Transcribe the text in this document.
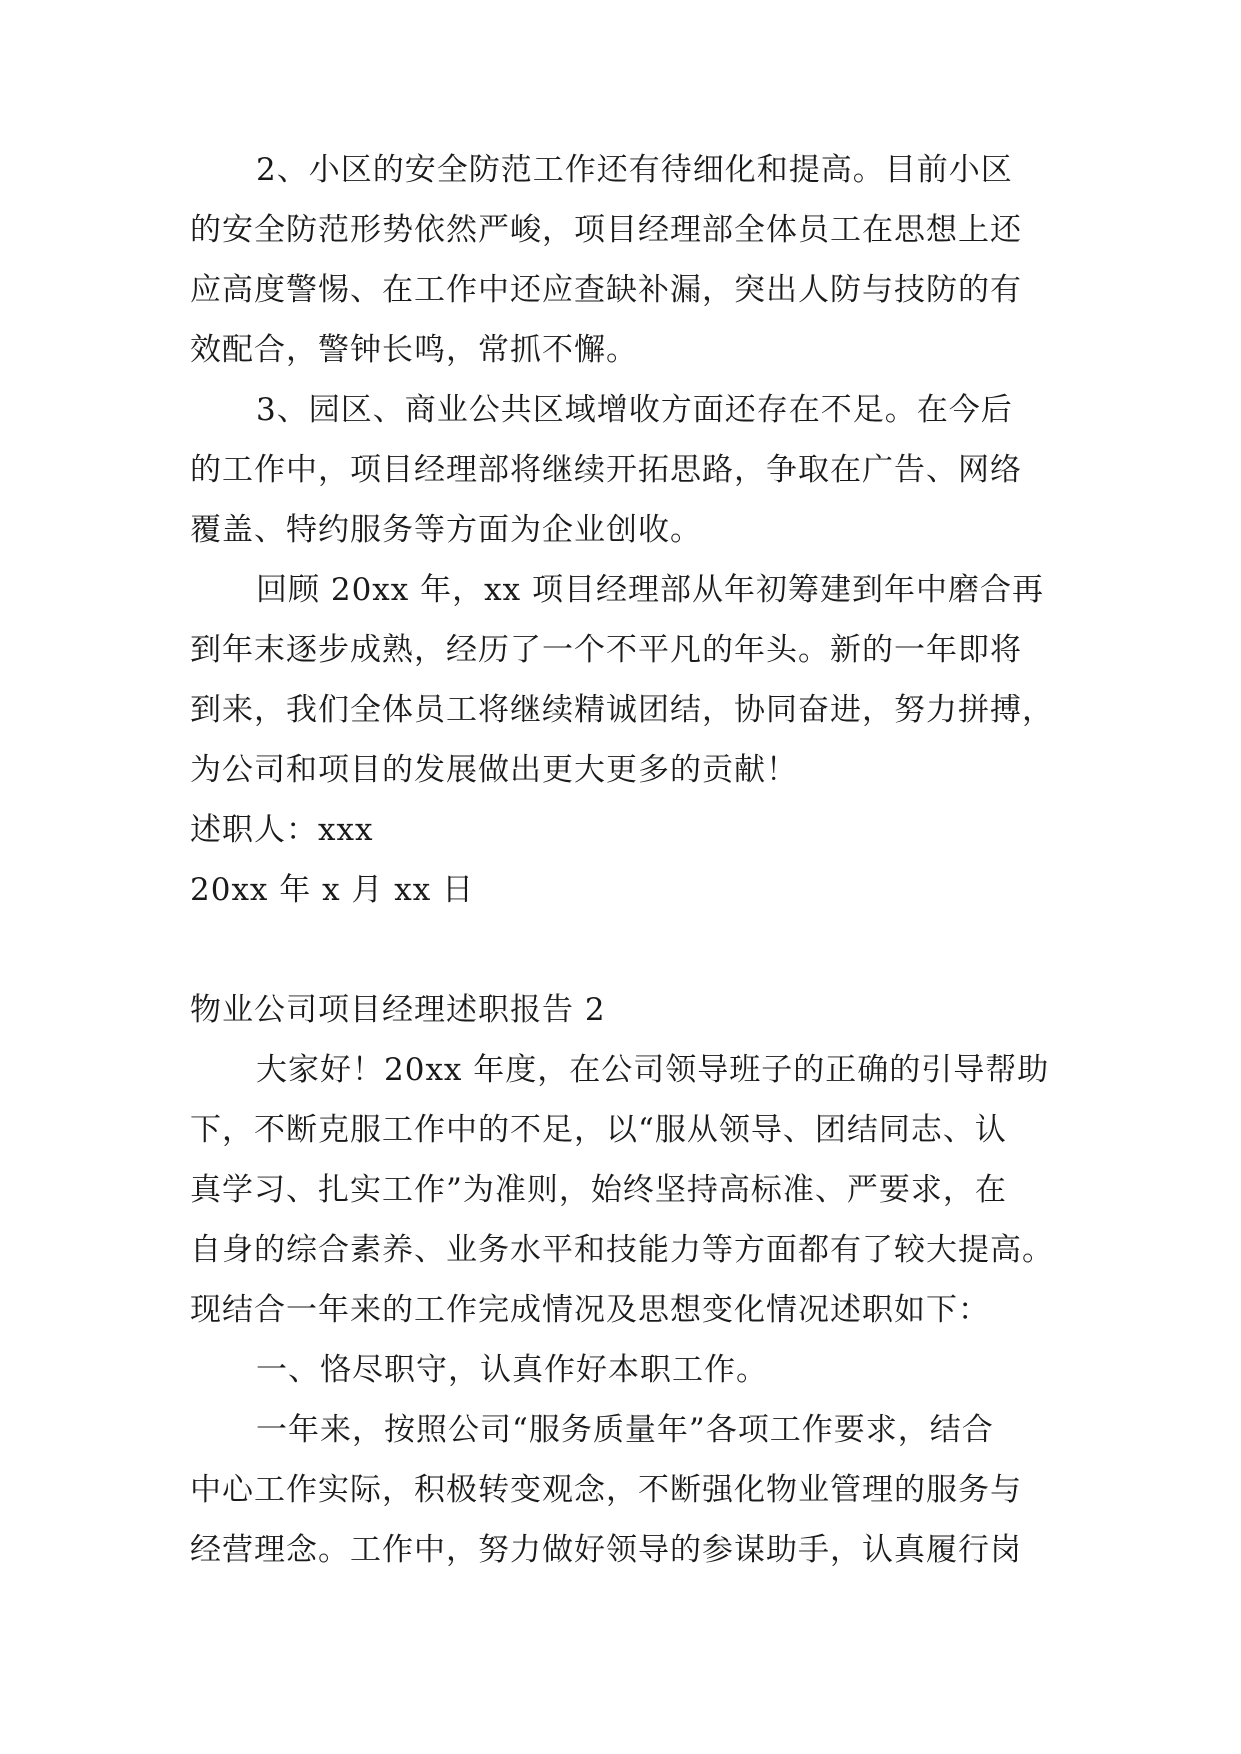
2、小区的安全防范工作还有待细化和提高。目前小区
的安全防范形势依然严峻，项目经理部全体员工在思想上还
应高度警惕、在工作中还应查缺补漏，突出人防与技防的有
效配合，警钟长鸣，常抓不懈。
3、园区、商业公共区域增收方面还存在不足。在今后
的工作中，项目经理部将继续开拓思路，争取在广告、网络
覆盖、特约服务等方面为企业创收。
回顾 20xx 年，xx 项目经理部从年初筹建到年中磨合再
到年末逐步成熟，经历了一个不平凡的年头。新的一年即将
到来，我们全体员工将继续精诚团结，协同奋进，努力拼搏，
为公司和项目的发展做出更大更多的贡献！
述职人：xxx
20xx 年 x 月 xx 日
物业公司项目经理述职报告 2
大家好！20xx 年度，在公司领导班子的正确的引导帮助
下，不断克服工作中的不足，以“服从领导、团结同志、认
真学习、扎实工作”为准则，始终坚持高标准、严要求，在
自身的综合素养、业务水平和技能力等方面都有了较大提高。
现结合一年来的工作完成情况及思想变化情况述职如下：
一、恪尽职守，认真作好本职工作。
一年来，按照公司“服务质量年”各项工作要求，结合
中心工作实际，积极转变观念，不断强化物业管理的服务与
经营理念。工作中，努力做好领导的参谋助手，认真履行岗
